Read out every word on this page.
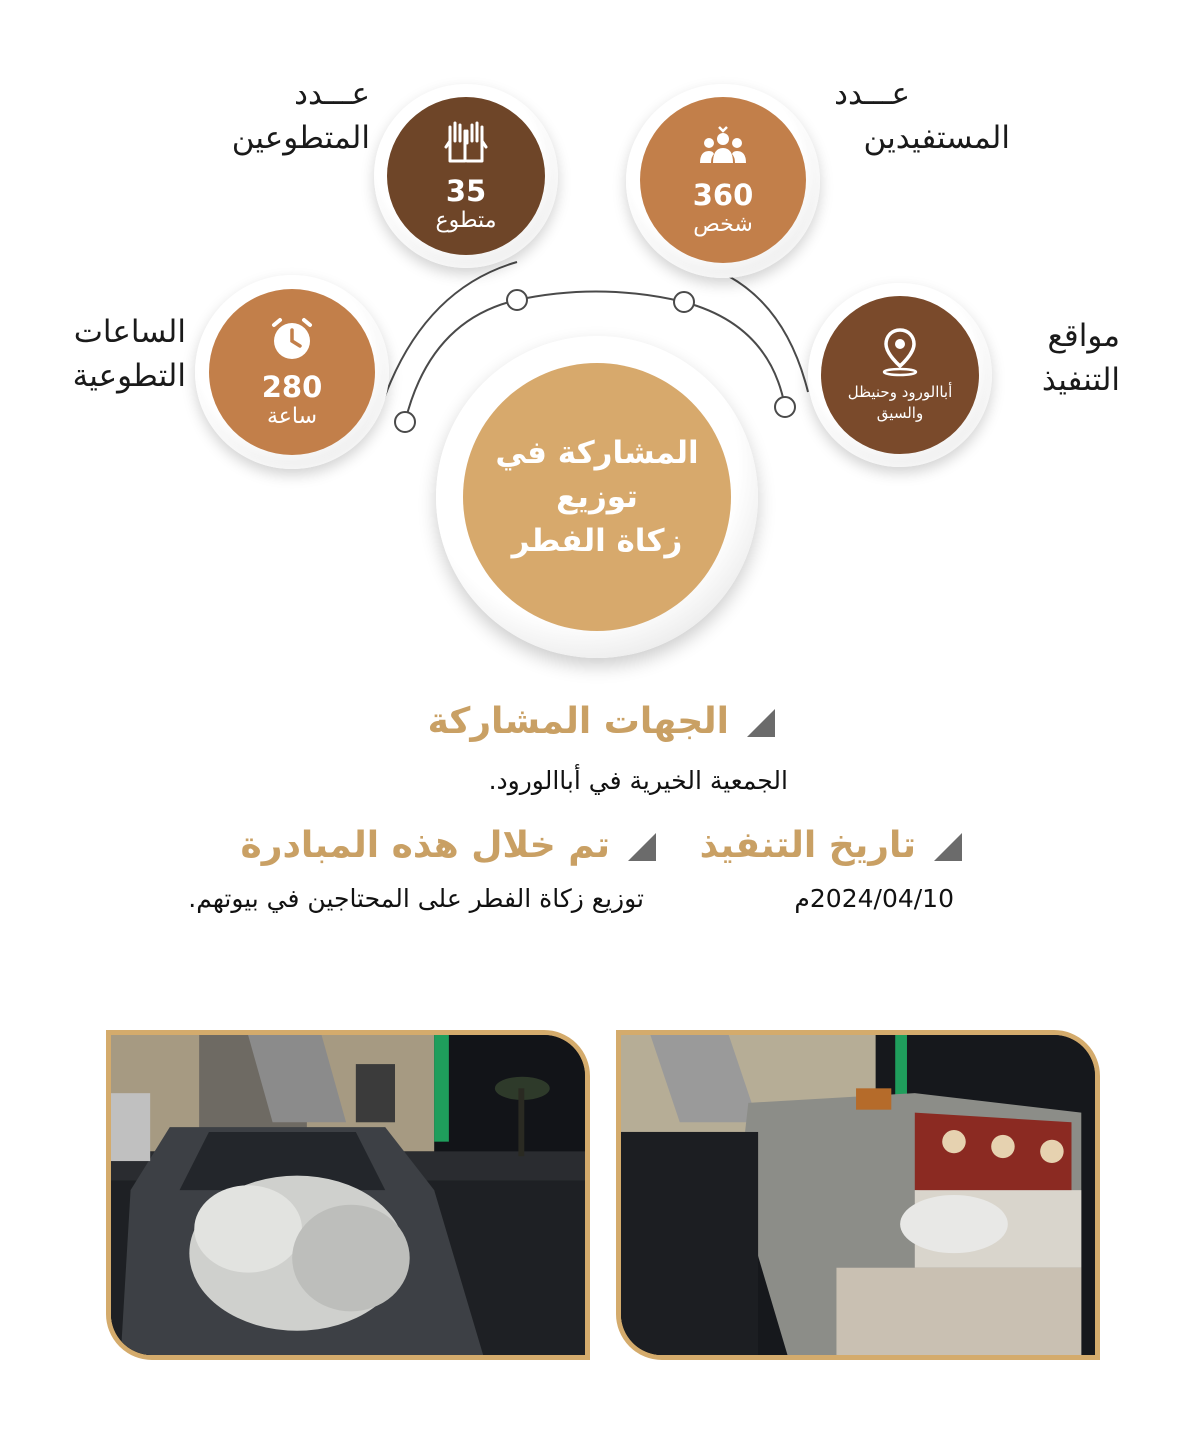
35
متطوع
عـــدد
المتطوعين
360
شخص
عـــدد
المستفيدين
280
ساعة
الساعات
التطوعية	أباالورود وحنيظل
والسيق
مواقع
التنفيذ
المشاركة في توزيع
زكاة الفطر
الجهات المشاركة
الجمعية الخيرية في أباالورود.
تاريخ التنفيذ
2024/04/10م
تم خلال هذه المبادرة
توزيع زكاة الفطر على المحتاجين في بيوتهم.
